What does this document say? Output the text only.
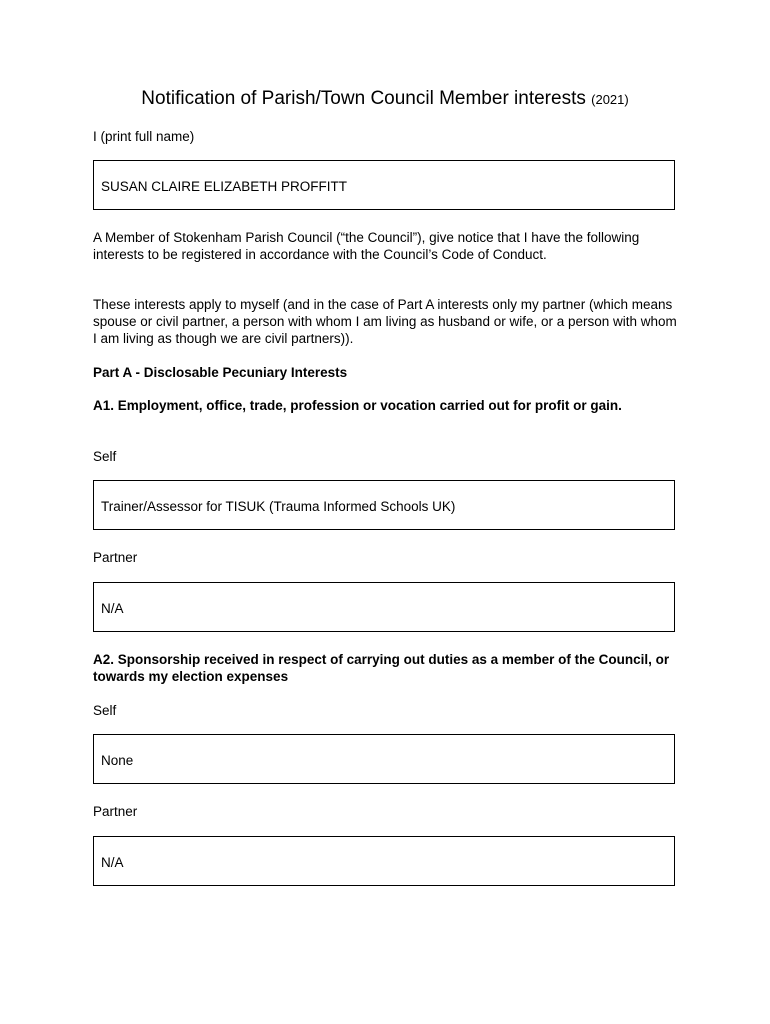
Notification of Parish/Town Council Member interests (2021)
I (print full name)
SUSAN CLAIRE ELIZABETH PROFFITT
A Member of Stokenham Parish Council (“the Council”), give notice that I have the following interests to be registered in accordance with the Council’s Code of Conduct.
These interests apply to myself (and in the case of Part A interests only my partner (which means spouse or civil partner, a person with whom I am living as husband or wife, or a person with whom I am living as though we are civil partners)).
Part A - Disclosable Pecuniary Interests
A1. Employment, office, trade, profession or vocation carried out for profit or gain.
Self
Trainer/Assessor for TISUK (Trauma Informed Schools UK)
Partner
N/A
A2. Sponsorship received in respect of carrying out duties as a member of the Council, or towards my election expenses
Self
None
Partner
N/A
